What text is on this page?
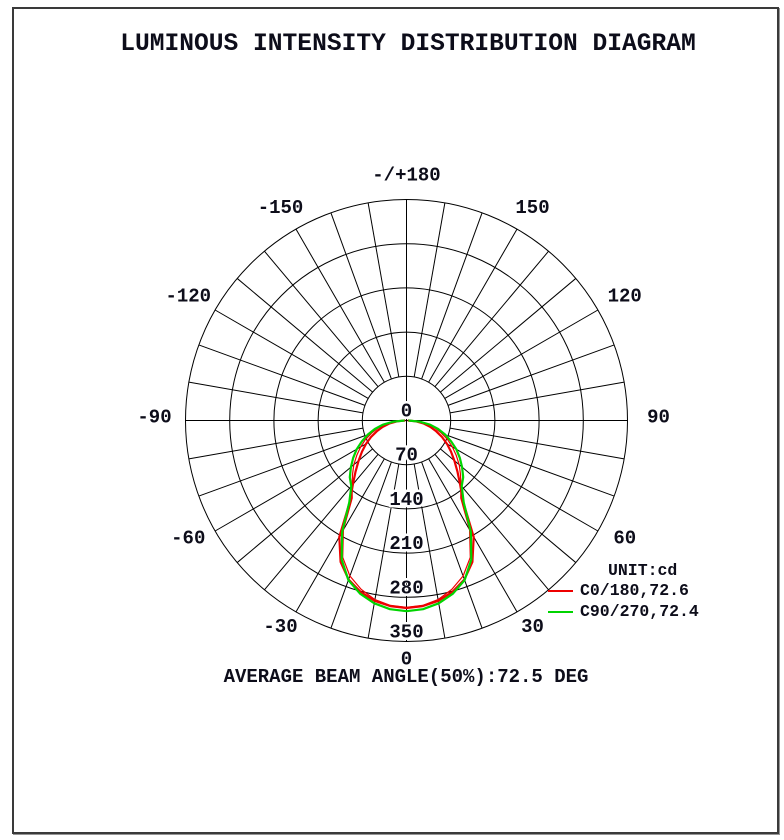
LUMINOUS INTENSITY DISTRIBUTION DIAGRAM
0
70
140
210
280
350
-/+180
-150	150
-120	120
-90	90
-60	60
-30	30
0
UNIT:cd
C0/180,72.6
C90/270,72.4
AVERAGE BEAM ANGLE(50%):72.5 DEG
